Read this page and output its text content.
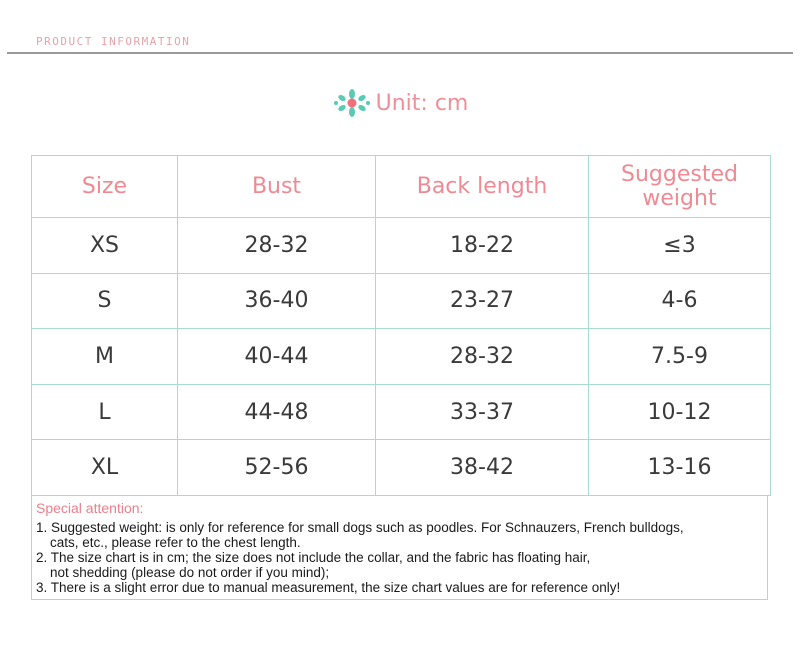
PRODUCT INFORMATION
Unit: cm
Size	Bust	Back length	Suggested weight
XS	28-32	18-22	≤3
S	36-40	23-27	4-6
M	40-44	28-32	7.5-9
L	44-48	33-37	10-12
XL	52-56	38-42	13-16
Special attention:
1. Suggested weight: is only for reference for small dogs such as poodles. For Schnauzers, French bulldogs,
cats, etc., please refer to the chest length.
2. The size chart is in cm; the size does not include the collar, and the fabric has floating hair,
not shedding (please do not order if you mind);
3. There is a slight error due to manual measurement, the size chart values are for reference only!
